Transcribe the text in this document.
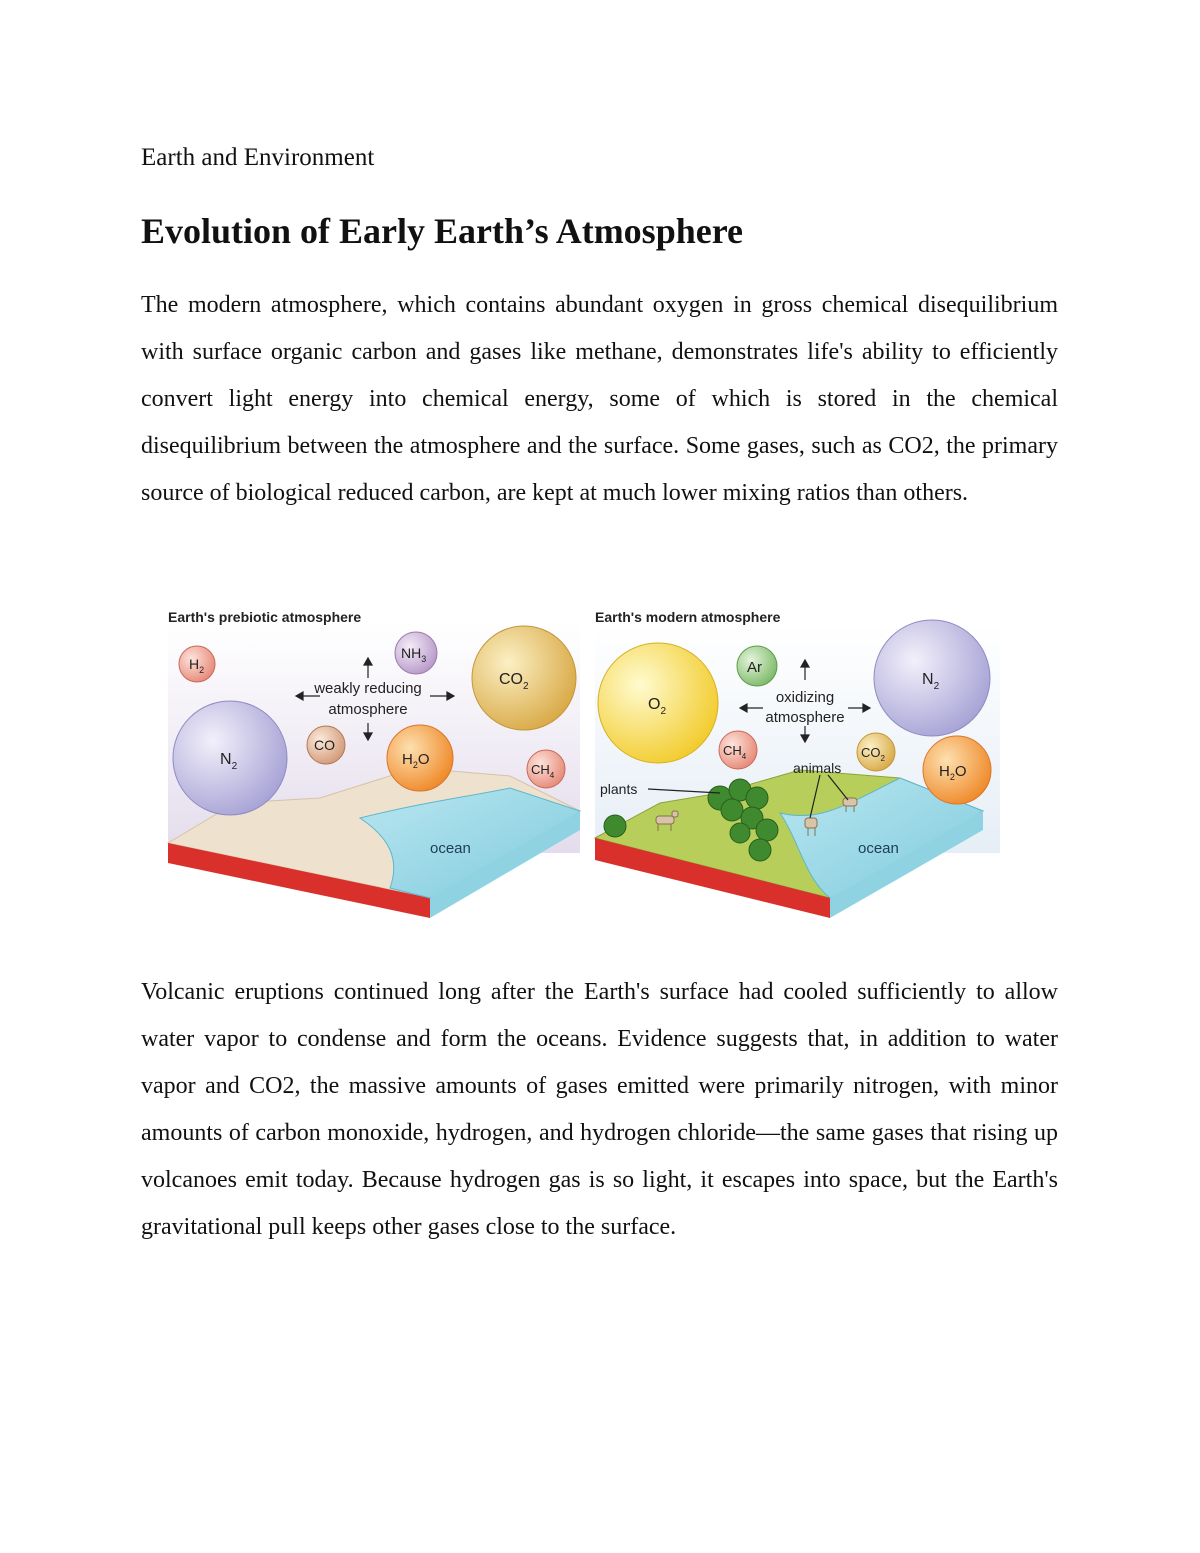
Earth and Environment

Evolution of Early Earth’s Atmosphere

The modern atmosphere, which contains abundant oxygen in gross chemical disequilibrium with surface organic carbon and gases like methane, demonstrates life's ability to efficiently convert light energy into chemical energy, some of which is stored in the chemical disequilibrium between the atmosphere and the surface. Some gases, such as CO2, the primary source of biological reduced carbon, are kept at much lower mixing ratios than others.

Earth's prebiotic atmosphere
ocean
$H_2$
$NH_3$
$CO_2$
$N_2$
CO
$H_2O$
$CH_4$
weakly reducing
atmosphere
Earth's modern atmosphere
ocean
plants
animals
$O_2$
Ar
$N_2$
$CH_4$	$CO_2$
$H_2O$
oxidizing
atmosphere

Volcanic eruptions continued long after the Earth's surface had cooled sufficiently to allow water vapor to condense and form the oceans. Evidence suggests that, in addition to water vapor and CO2, the massive amounts of gases emitted were primarily nitrogen, with minor amounts of carbon monoxide, hydrogen, and hydrogen chloride—the same gases that rising up volcanoes emit today. Because hydrogen gas is so light, it escapes into space, but the Earth's gravitational pull keeps other gases close to the surface.
